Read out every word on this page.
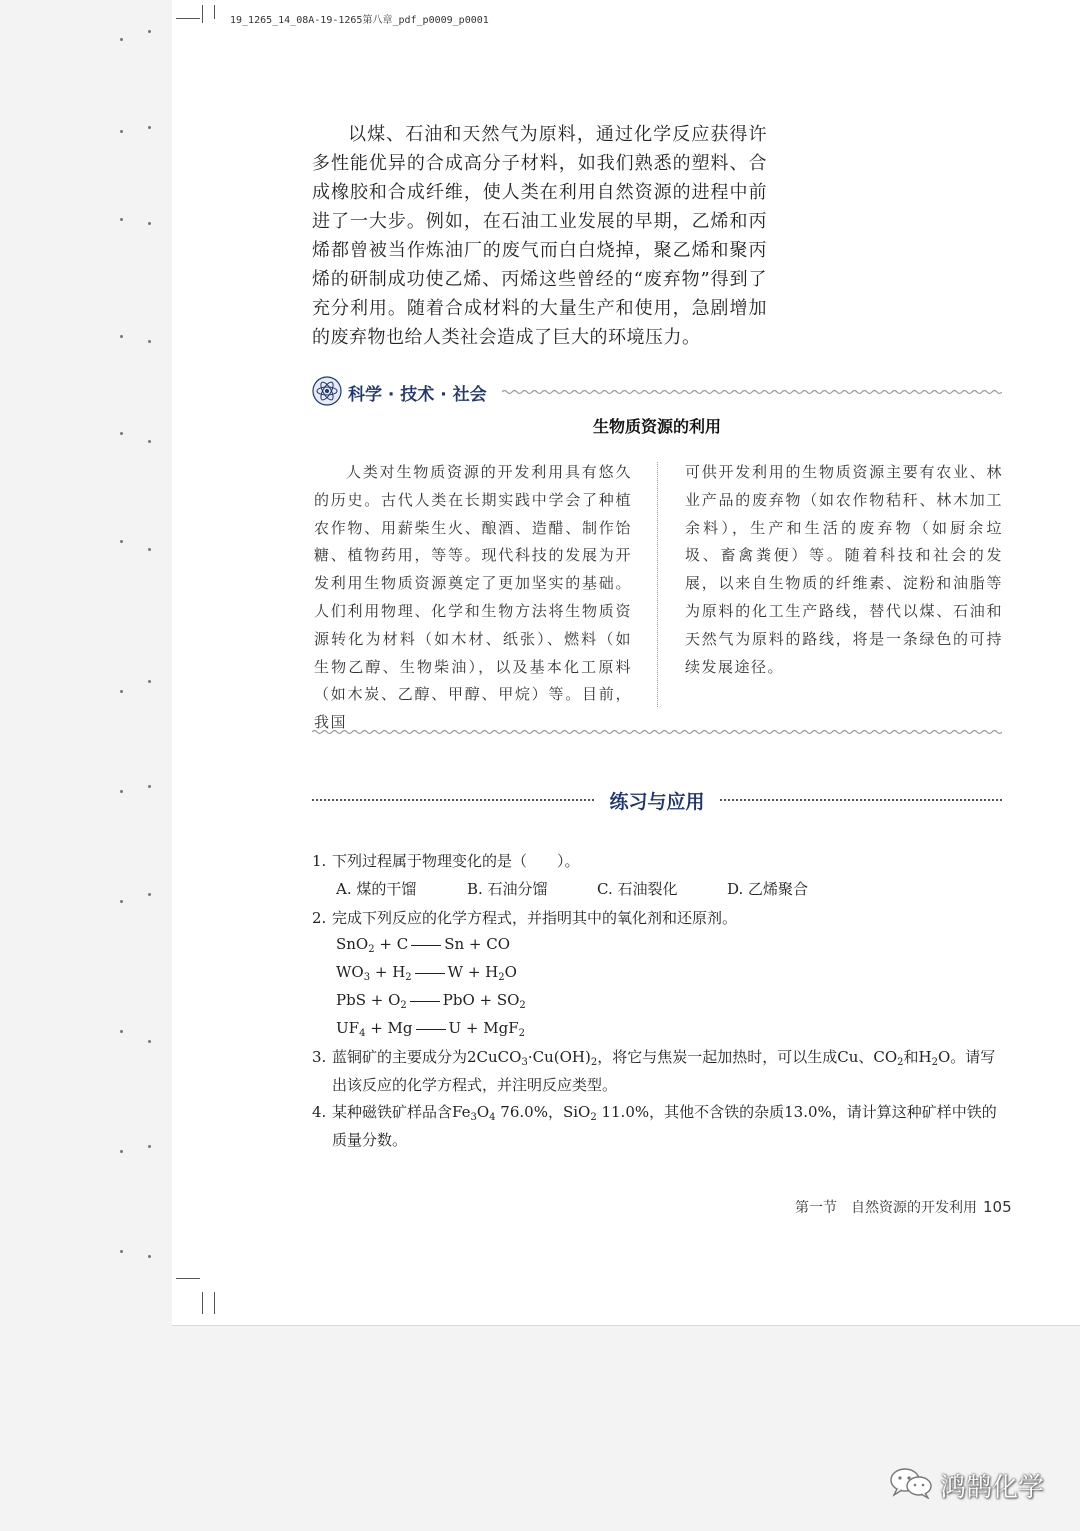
19_1265_14_08A-19-1265第八章_pdf_p0009_p0001

以煤、石油和天然气为原料，通过化学反应获得许多性能优异的合成高分子材料，如我们熟悉的塑料、合成橡胶和合成纤维，使人类在利用自然资源的进程中前进了一大步。例如，在石油工业发展的早期，乙烯和丙烯都曾被当作炼油厂的废气而白白烧掉，聚乙烯和聚丙烯的研制成功使乙烯、丙烯这些曾经的“废弃物”得到了充分利用。随着合成材料的大量生产和使用，急剧增加的废弃物也给人类社会造成了巨大的环境压力。

科学 · 技术 · 社会
生物质资源的利用

人类对生物质资源的开发利用具有悠久的历史。古代人类在长期实践中学会了种植农作物、用薪柴生火、酿酒、造醋、制作饴糖、植物药用，等等。现代科技的发展为开发利用生物质资源奠定了更加坚实的基础。人们利用物理、化学和生物方法将生物质资源转化为材料（如木材、纸张）、燃料（如生物乙醇、生物柴油），以及基本化工原料（如木炭、乙醇、甲醇、甲烷）等。目前，我国

可供开发利用的生物质资源主要有农业、林业产品的废弃物（如农作物秸秆、林木加工余料），生产和生活的废弃物（如厨余垃圾、畜禽粪便）等。随着科技和社会的发展，以来自生物质的纤维素、淀粉和油脂等为原料的化工生产路线，替代以煤、石油和天然气为原料的路线，将是一条绿色的可持续发展途径。

练习与应用
1. 下列过程属于物理变化的是（　　）。
A. 煤的干馏	B. 石油分馏	C. 石油裂化	D. 乙烯聚合
2. 完成下列反应的化学方程式，并指明其中的氧化剂和还原剂。
SnO$_2$ + C Sn + CO
$WO_3 + H_2$ $W + H_2O$
PbS + $O_2$ PbO + $SO_2$
$UF_4 + Mg$ U + MgF$_2$
3. 蓝铜矿的主要成分为$2CuCO_3\cdot Cu(OH)_2$，将它与焦炭一起加热时，可以生成Cu、$CO_2$和$H_2O$。请写
出该反应的化学方程式，并注明反应类型。
4. 某种磁铁矿样品含$Fe_3O_4$ 76.0%，SiO$_2$ 11.0%，其他不含铁的杂质13.0%，请计算这种矿样中铁的
质量分数。
第一节　自然资源的开发利用 105
鸿鹄化学
